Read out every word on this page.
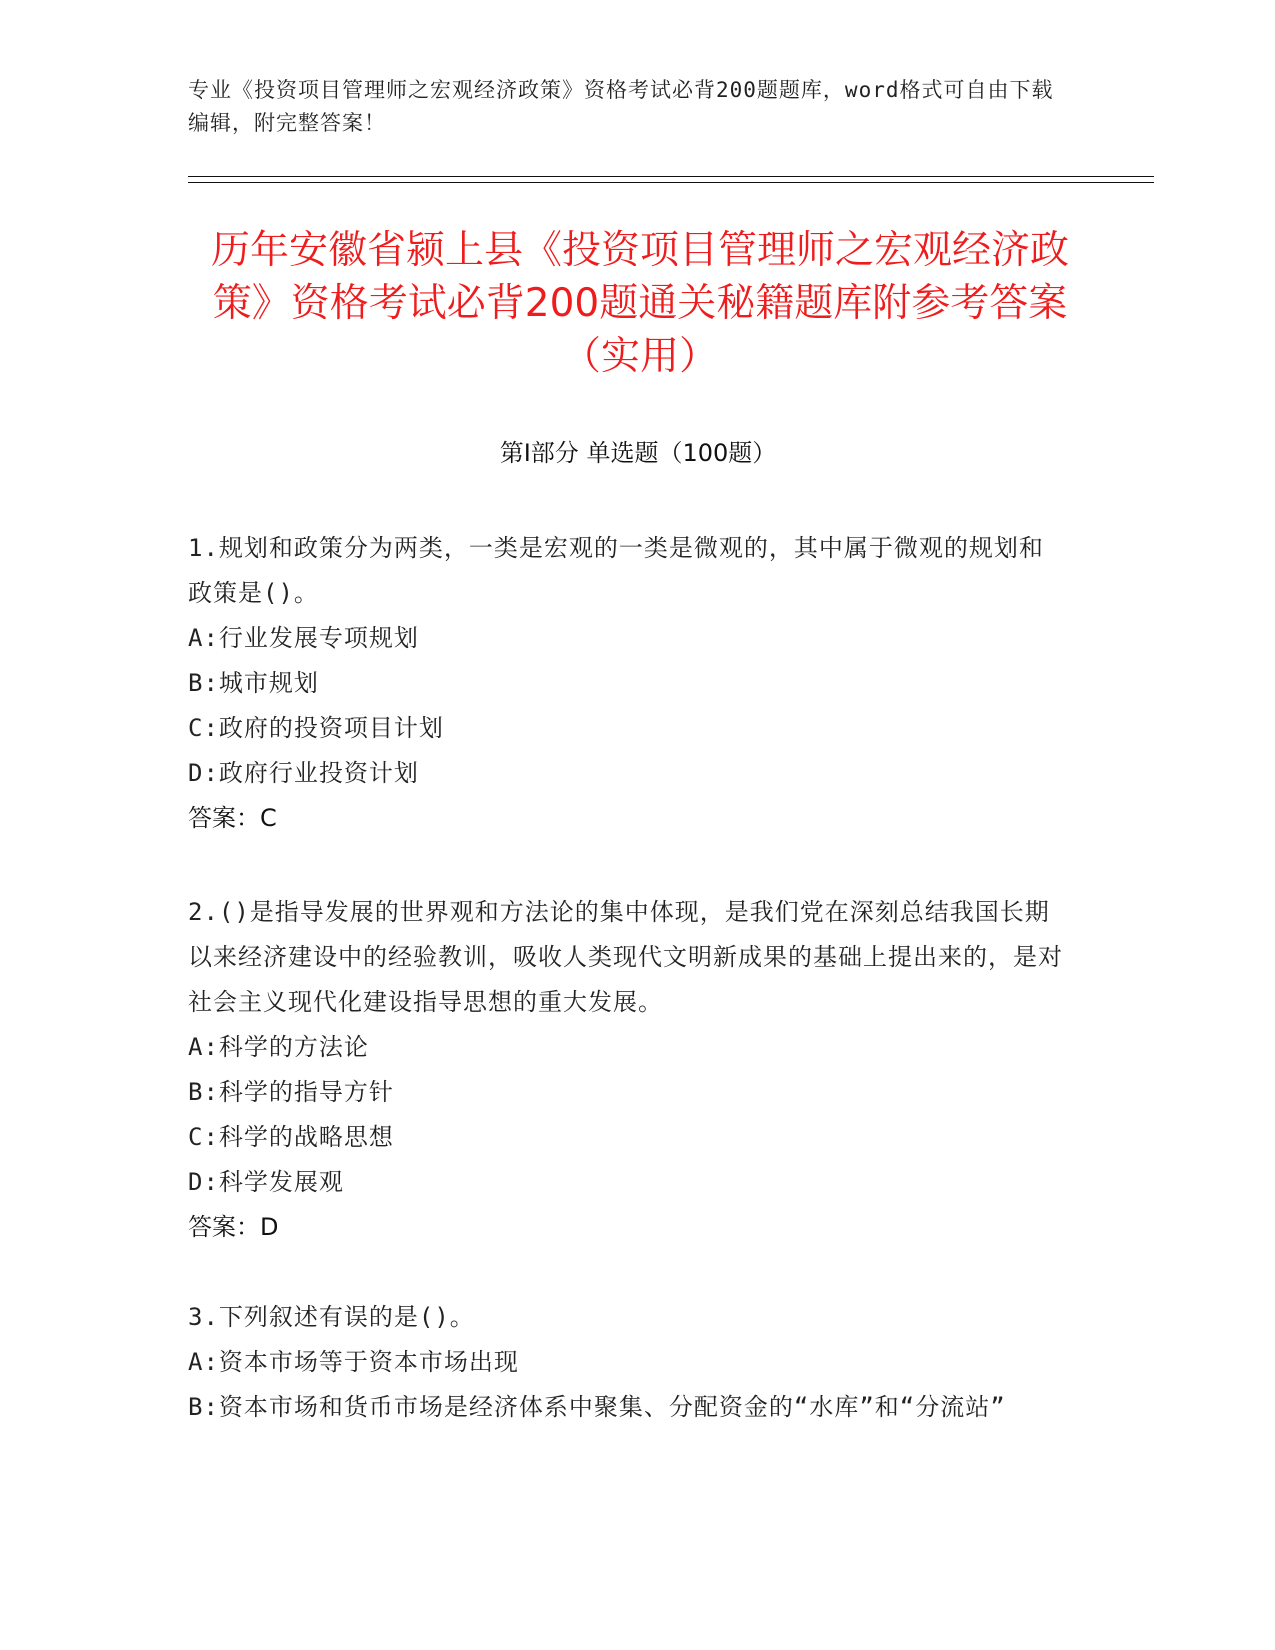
专业《投资项目管理师之宏观经济政策》资格考试必背200题题库，word格式可自由下载编辑，附完整答案！
历年安徽省颍上县《投资项目管理师之宏观经济政策》资格考试必背200题通关秘籍题库附参考答案（实用）
第Ⅰ部分 单选题（100题）
1.规划和政策分为两类，一类是宏观的一类是微观的，其中属于微观的规划和政策是()。
A:行业发展专项规划
B:城市规划
C:政府的投资项目计划
D:政府行业投资计划
答案：C
2.()是指导发展的世界观和方法论的集中体现，是我们党在深刻总结我国长期以来经济建设中的经验教训，吸收人类现代文明新成果的基础上提出来的，是对社会主义现代化建设指导思想的重大发展。
A:科学的方法论
B:科学的指导方针
C:科学的战略思想
D:科学发展观
答案：D
3.下列叙述有误的是()。
A:资本市场等于资本市场出现
B:资本市场和货币市场是经济体系中聚集、分配资金的“水库”和“分流站”
